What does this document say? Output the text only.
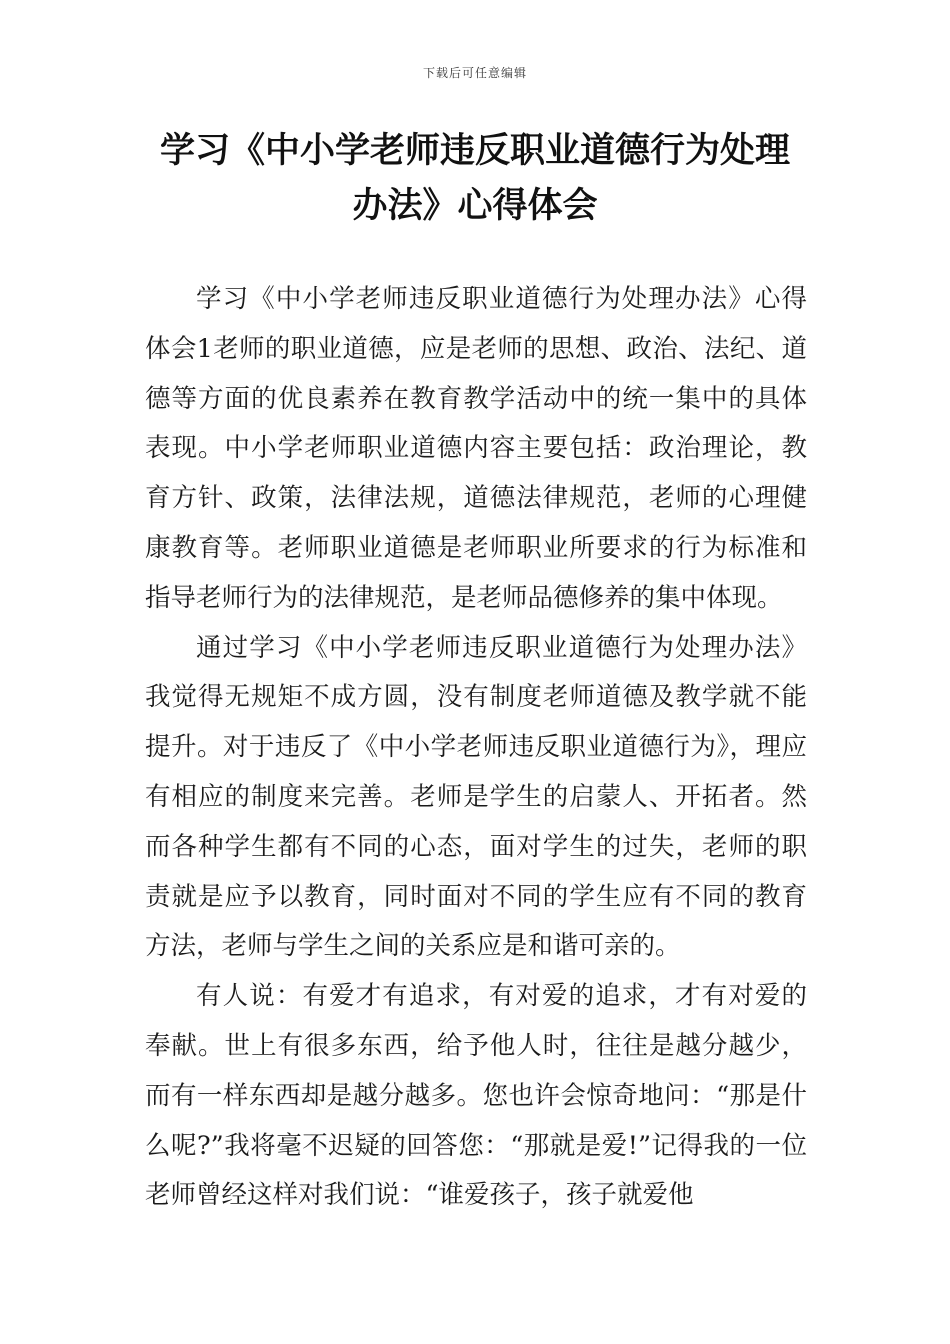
下载后可任意编辑
学习《中小学老师违反职业道德行为处理办法》心得体会

学习《中小学老师违反职业道德行为处理办法》心得体会1老师的职业道德，应是老师的思想、政治、法纪、道德等方面的优良素养在教育教学活动中的统一集中的具体表现。中小学老师职业道德内容主要包括：政治理论，教育方针、政策，法律法规，道德法律规范，老师的心理健康教育等。老师职业道德是老师职业所要求的行为标准和指导老师行为的法律规范，是老师品德修养的集中体现。

通过学习《中小学老师违反职业道德行为处理办法》我觉得无规矩不成方圆，没有制度老师道德及教学就不能提升。对于违反了《中小学老师违反职业道德行为》，理应有相应的制度来完善。老师是学生的启蒙人、开拓者。然而各种学生都有不同的心态，面对学生的过失，老师的职责就是应予以教育，同时面对不同的学生应有不同的教育方法，老师与学生之间的关系应是和谐可亲的。

有人说：有爱才有追求，有对爱的追求，才有对爱的奉献。世上有很多东西，给予他人时，往往是越分越少，而有一样东西却是越分越多。您也许会惊奇地问：“那是什么呢?”我将毫不迟疑的回答您：“那就是爱!”记得我的一位老师曾经这样对我们说：“谁爱孩子，孩子就爱他
